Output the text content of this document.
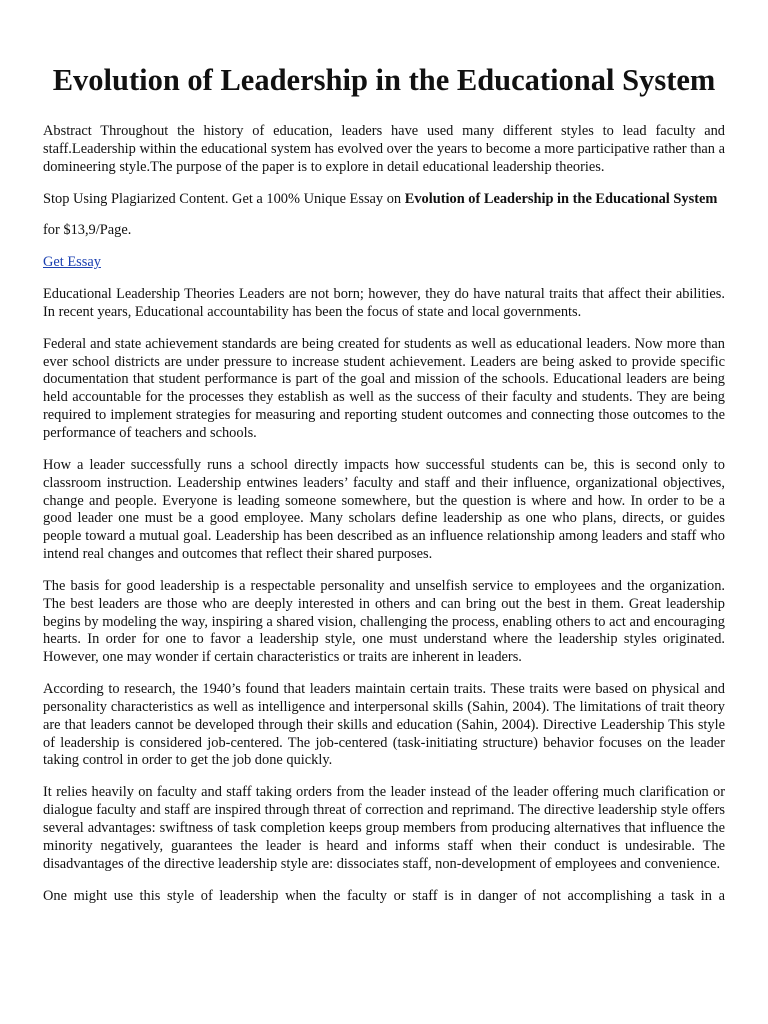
Evolution of Leadership in the Educational System

Abstract Throughout the history of education, leaders have used many different styles to lead faculty and staff.Leadership within the educational system has evolved over the years to become a more participative rather than a domineering style.The purpose of the paper is to explore in detail educational leadership theories.

Stop Using Plagiarized Content. Get a 100% Unique Essay on Evolution of Leadership in the Educational System

for $13,9/Page.

Get Essay

Educational Leadership Theories Leaders are not born; however, they do have natural traits that affect their abilities. In recent years, Educational accountability has been the focus of state and local governments.

Federal and state achievement standards are being created for students as well as educational leaders. Now more than ever school districts are under pressure to increase student achievement. Leaders are being asked to provide specific documentation that student performance is part of the goal and mission of the schools. Educational leaders are being held accountable for the processes they establish as well as the success of their faculty and students. They are being required to implement strategies for measuring and reporting student outcomes and connecting those outcomes to the performance of teachers and schools.

How a leader successfully runs a school directly impacts how successful students can be, this is second only to classroom instruction. Leadership entwines leaders’ faculty and staff and their influence, organizational objectives, change and people. Everyone is leading someone somewhere, but the question is where and how. In order to be a good leader one must be a good employee. Many scholars define leadership as one who plans, directs, or guides people toward a mutual goal. Leadership has been described as an influence relationship among leaders and staff who intend real changes and outcomes that reflect their shared purposes.

The basis for good leadership is a respectable personality and unselfish service to employees and the organization. The best leaders are those who are deeply interested in others and can bring out the best in them. Great leadership begins by modeling the way, inspiring a shared vision, challenging the process, enabling others to act and encouraging hearts. In order for one to favor a leadership style, one must understand where the leadership styles originated. However, one may wonder if certain characteristics or traits are inherent in leaders.

According to research, the 1940’s found that leaders maintain certain traits. These traits were based on physical and personality characteristics as well as intelligence and interpersonal skills (Sahin, 2004). The limitations of trait theory are that leaders cannot be developed through their skills and education (Sahin, 2004). Directive Leadership This style of leadership is considered job-centered. The job-centered (task-initiating structure) behavior focuses on the leader taking control in order to get the job done quickly.

It relies heavily on faculty and staff taking orders from the leader instead of the leader offering much clarification or dialogue faculty and staff are inspired through threat of correction and reprimand. The directive leadership style offers several advantages: swiftness of task completion keeps group members from producing alternatives that influence the minority negatively, guarantees the leader is heard and informs staff when their conduct is undesirable. The disadvantages of the directive leadership style are: dissociates staff, non-development of employees and convenience.

One might use this style of leadership when the faculty or staff is in danger of not accomplishing a task in a
